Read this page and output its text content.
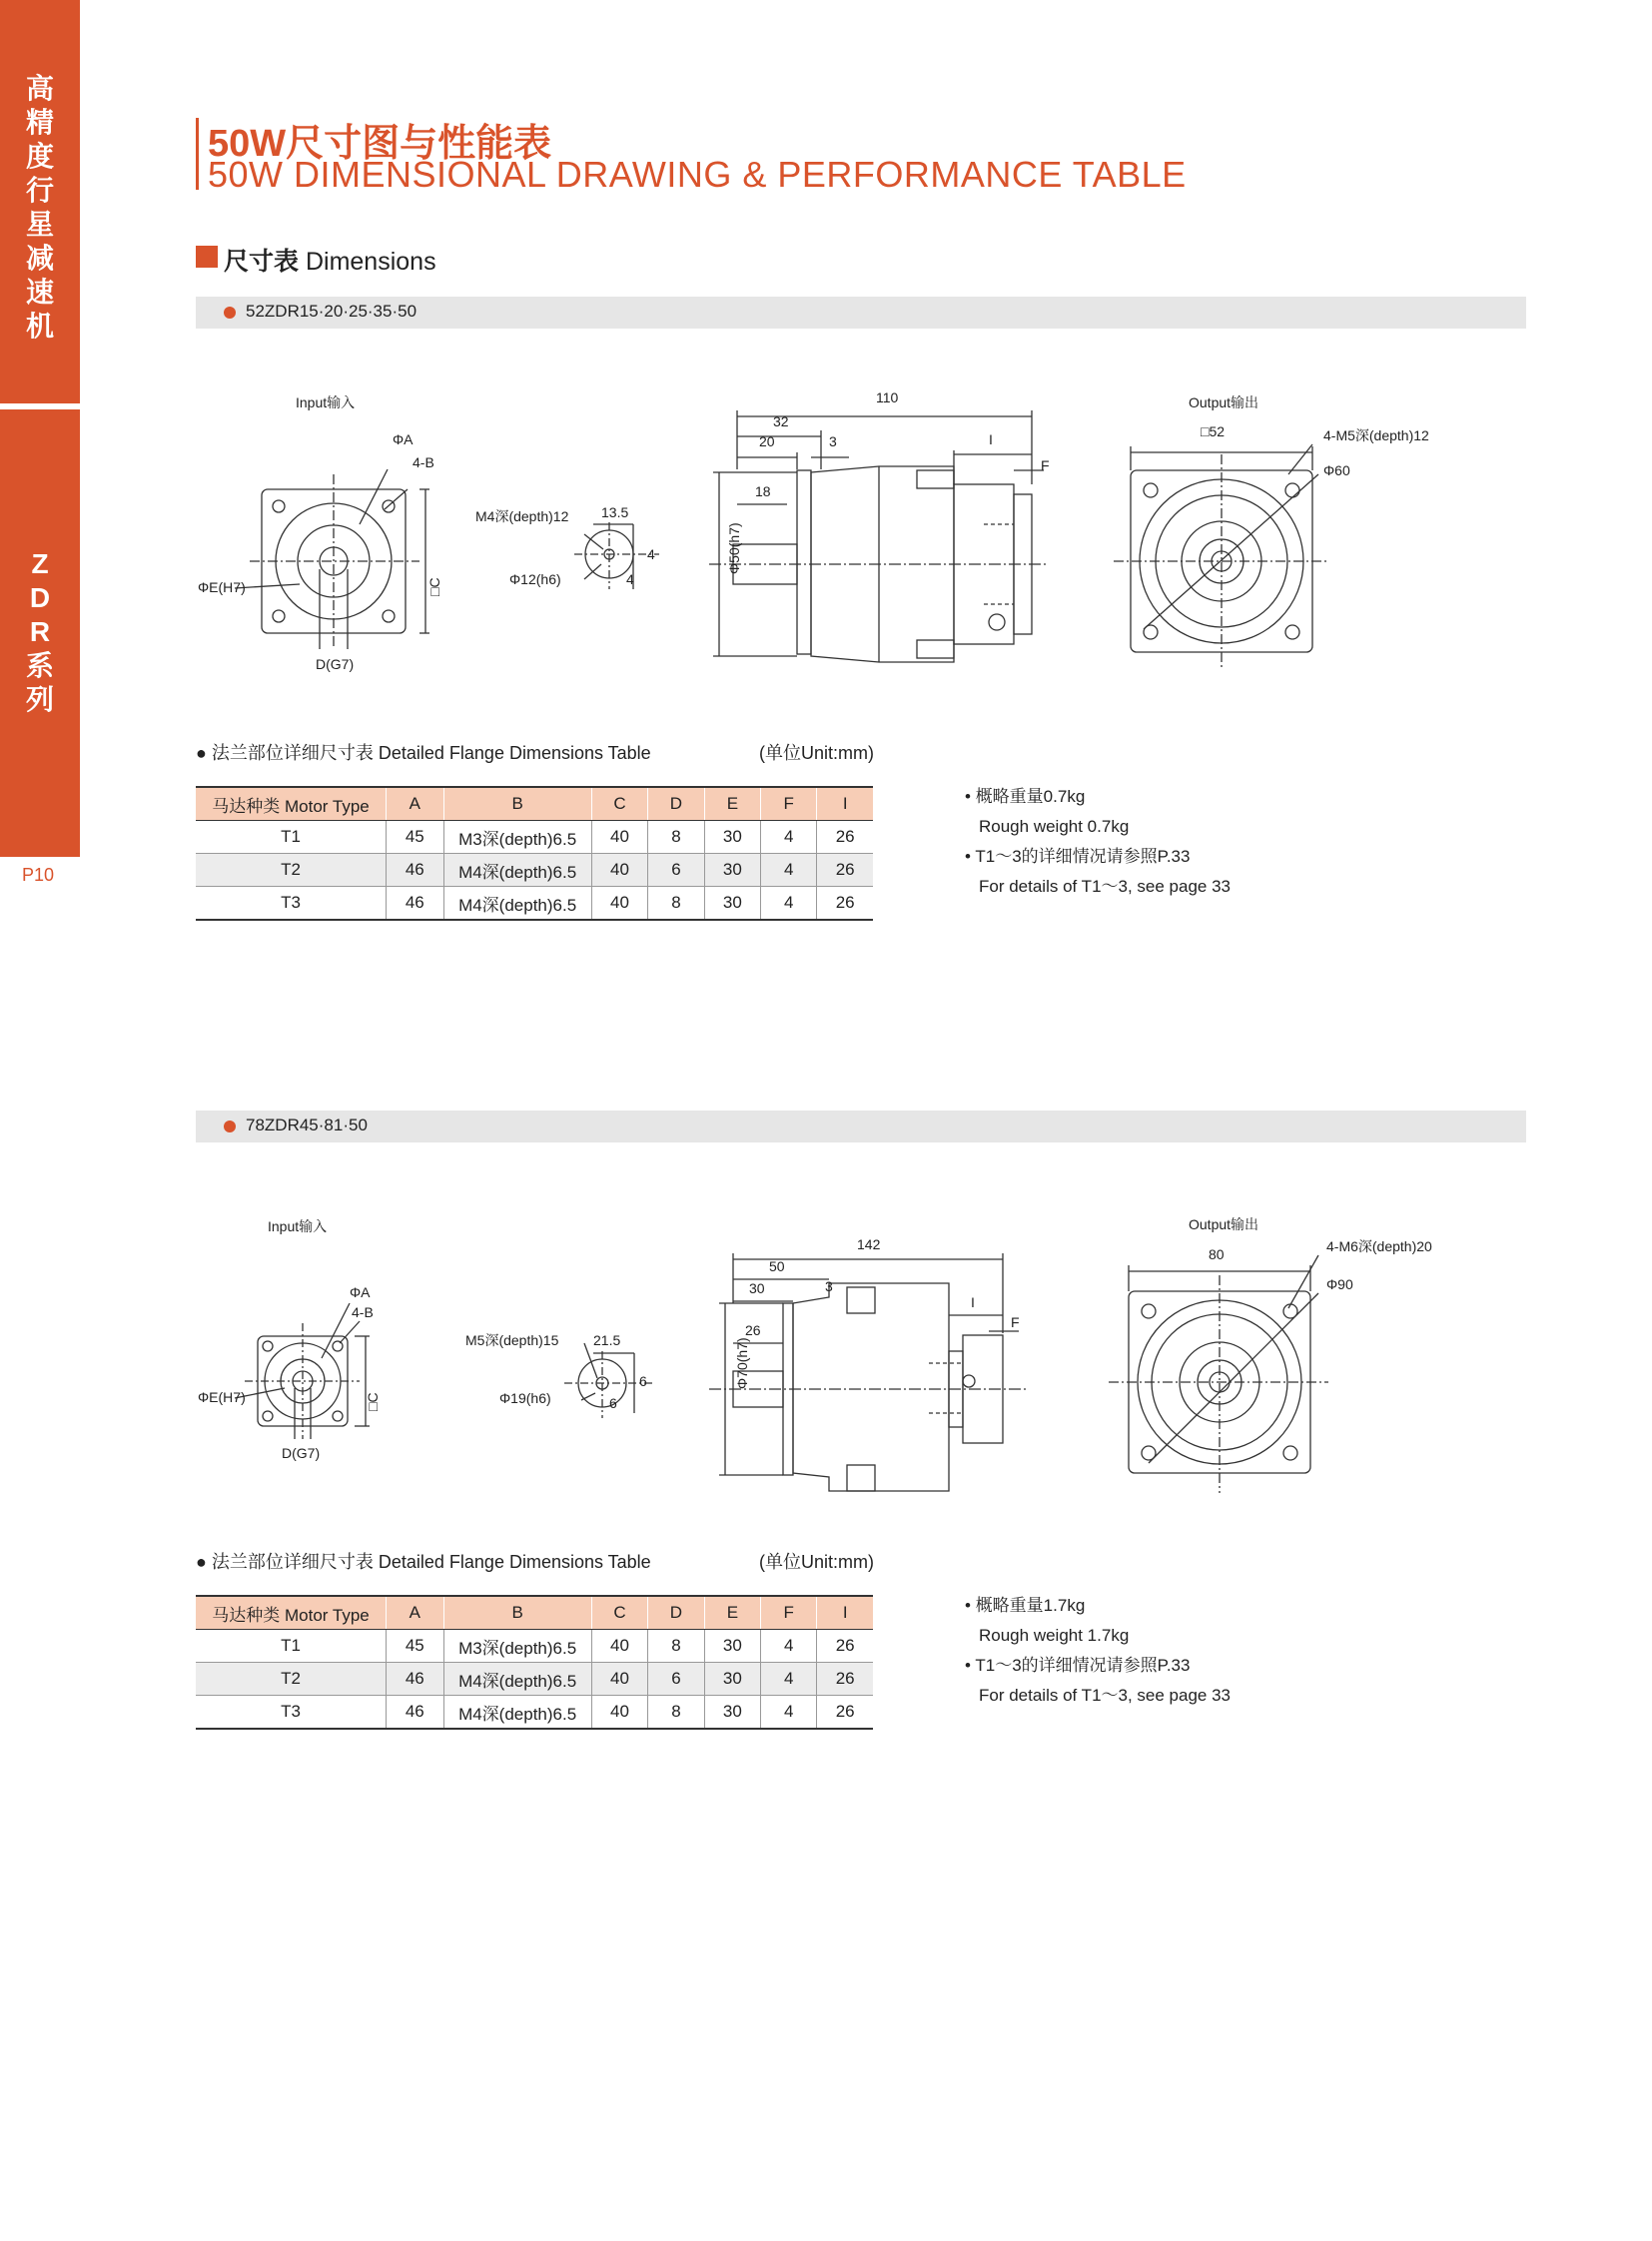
高
精
度
行
星
减
速
机
Z
D
R
系
列
P10
50W尺寸图与性能表
50W DIMENSIONAL DRAWING & PERFORMANCE TABLE
尺寸表 Dimensions
52ZDR15·20·25·35·50
Input输入
ΦA
4-B
□C
ΦE(H7)
D(G7)
M4深(depth)12 13.5
Φ12(h6)
4
4
110
32
20	3
18
I
F
Φ50(h7)
Output输出
□52	4-M5深(depth)12
Φ60
● 法兰部位详细尺寸表 Detailed Flange Dimensions Table	(单位Unit:mm)
马达种类 Motor Type	A	B	C	D	E	F	I
T1	45	M3深(depth)6.5	40	8	30	4	26
T2	46	M4深(depth)6.5	40	6	30	4	26
T3	46	M4深(depth)6.5	40	8	30	4	26
• 概略重量0.7kg
Rough weight 0.7kg
• T1～3的详细情况请参照P.33
For details of T1～3, see page 33
78ZDR45·81·50
Input输入
ΦA
4-B
□C
ΦE(H7)
D(G7)
M5深(depth)15 21.5
Φ19(h6)
6
6
142
50
30	3
26
I
F
Φ70(h7)
Output输出
80	4-M6深(depth)20
Φ90
● 法兰部位详细尺寸表 Detailed Flange Dimensions Table	(单位Unit:mm)
马达种类 Motor Type	A	B	C	D	E	F	I
T1	45	M3深(depth)6.5	40	8	30	4	26
T2	46	M4深(depth)6.5	40	6	30	4	26
T3	46	M4深(depth)6.5	40	8	30	4	26
• 概略重量1.7kg
Rough weight 1.7kg
• T1～3的详细情况请参照P.33
For details of T1～3, see page 33
